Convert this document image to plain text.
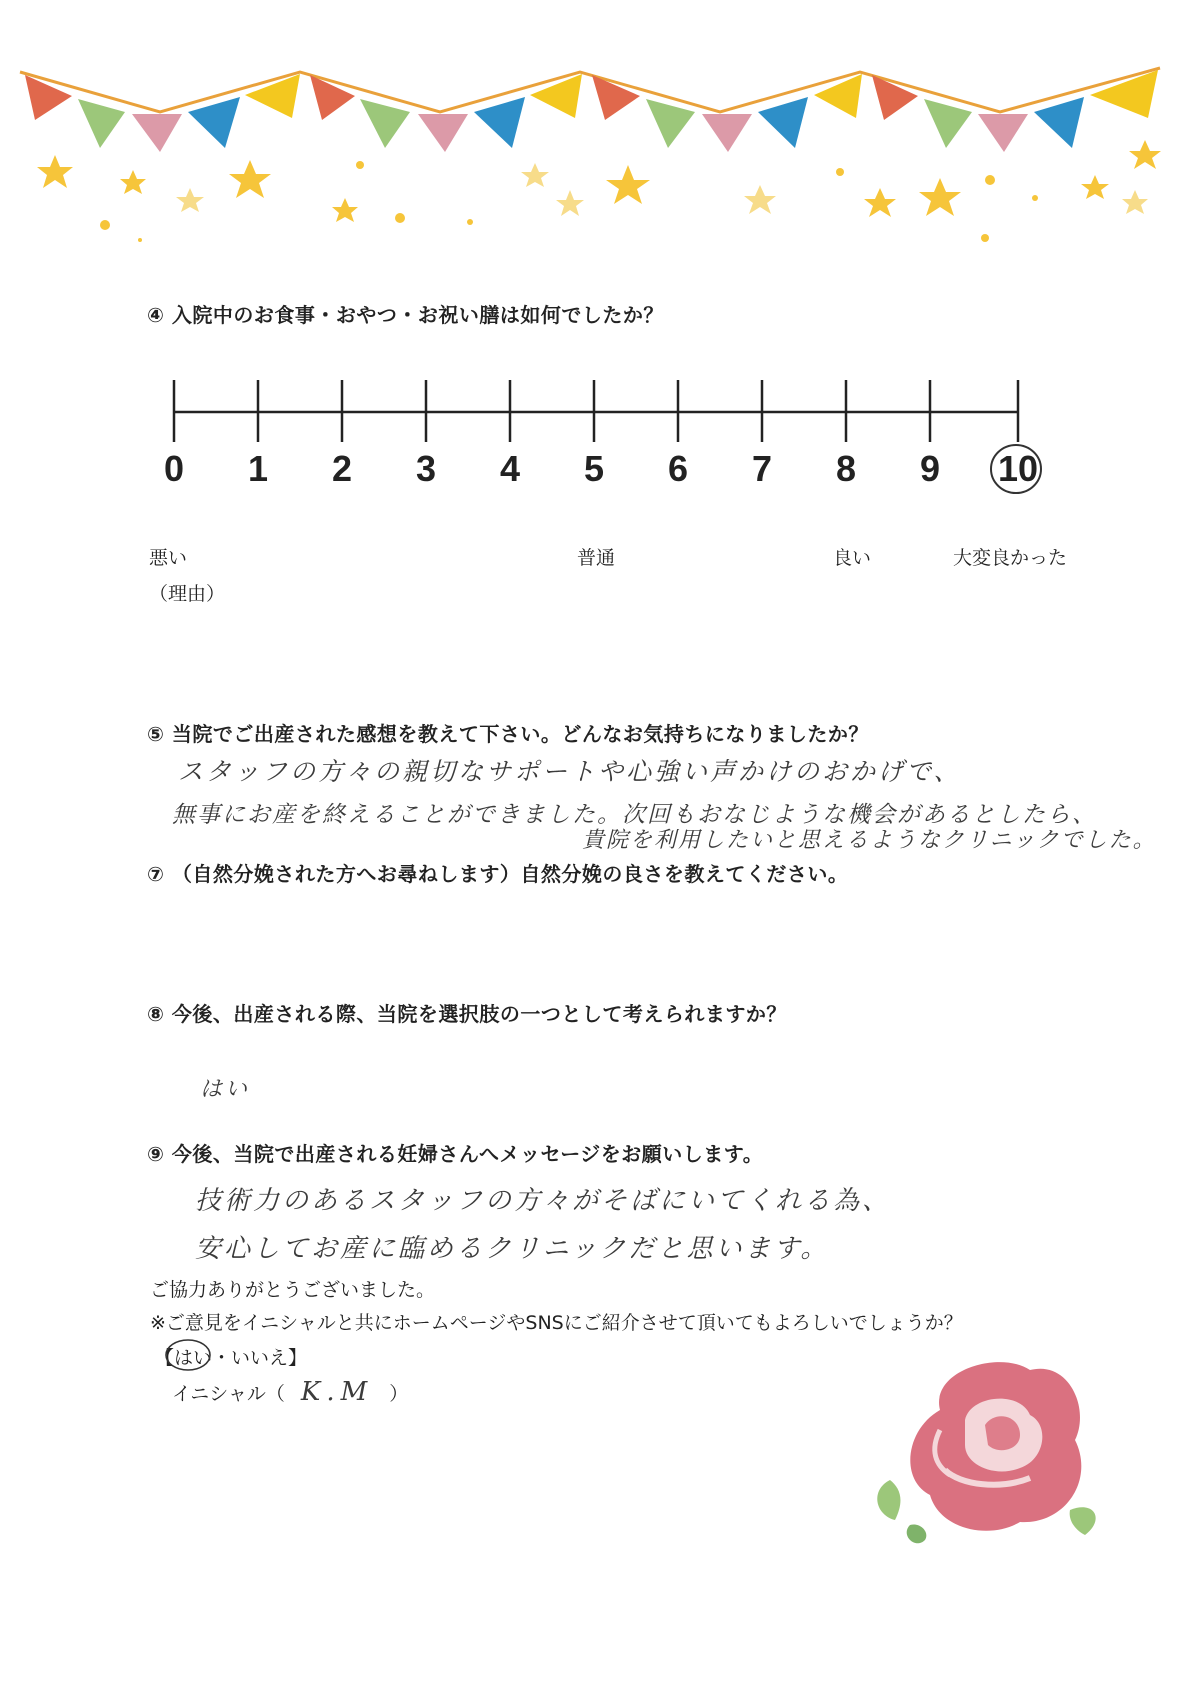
④ 入院中のお食事・おやつ・お祝い膳は如何でしたか？
0 1 2 3 4 5 6 7 8 9 10
悪い	普通	良い	大変良かった
（理由）
⑤ 当院でご出産された感想を教えて下さい。どんなお気持ちになりましたか？
スタッフの方々の親切なサポートや心強い声かけのおかげで、
無事にお産を終えることができました。次回もおなじような機会があるとしたら、
貴院を利用したいと思えるようなクリニックでした。
⑦ （自然分娩された方へお尋ねします）自然分娩の良さを教えてください。
⑧ 今後、出産される際、当院を選択肢の一つとして考えられますか？
はい
⑨ 今後、当院で出産される妊婦さんへメッセージをお願いします。
技術力のあるスタッフの方々がそばにいてくれる為、
安心してお産に臨めるクリニックだと思います。
ご協力ありがとうございました。
※ご意見をイニシャルと共にホームページやSNSにご紹介させて頂いてもよろしいでしょうか？
【はい・いいえ】
イニシャル（ K.M ）
